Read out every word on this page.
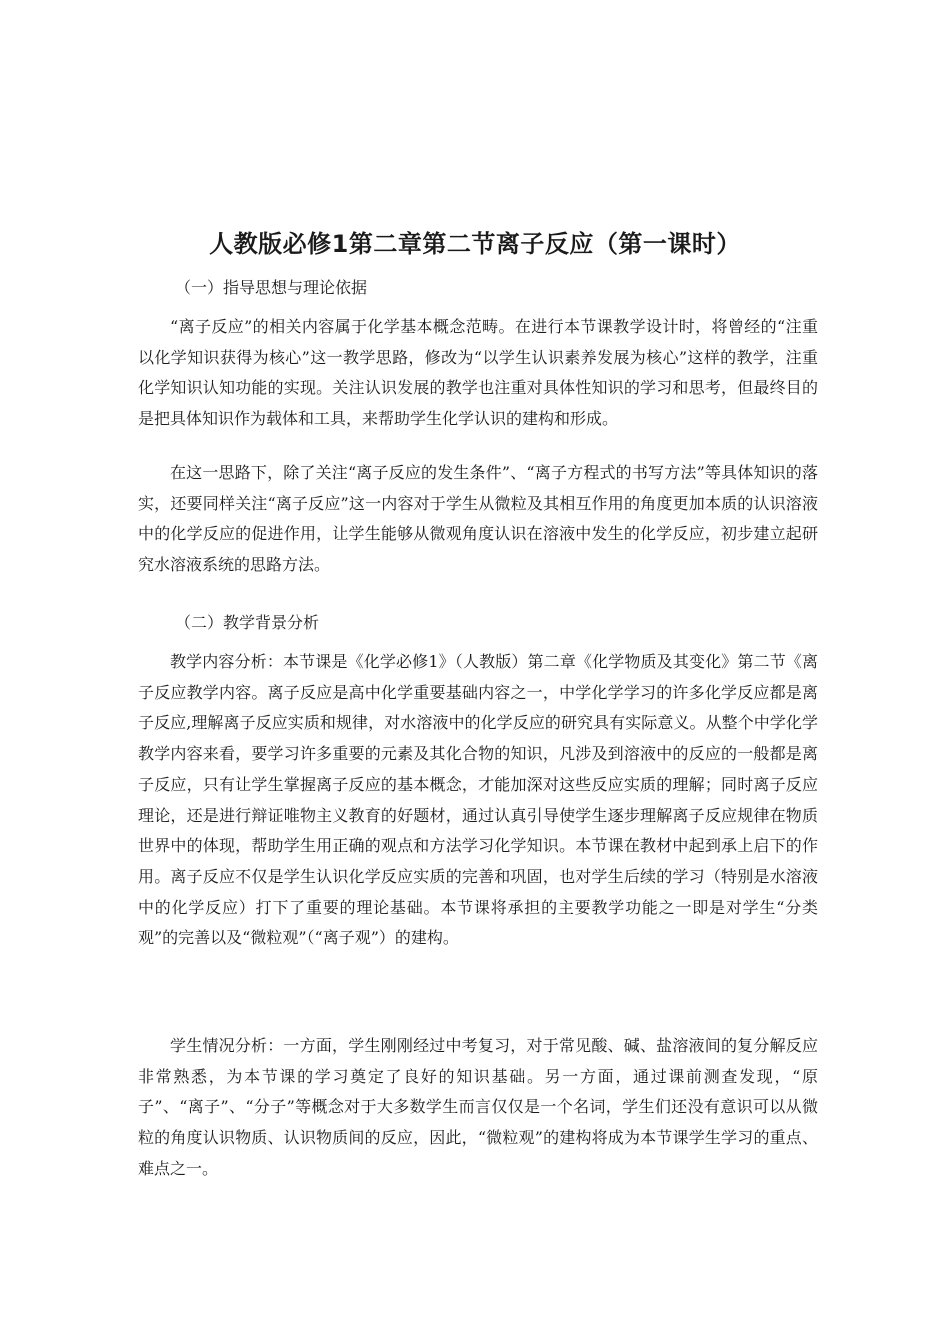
人教版必修1第二章第二节离子反应（第一课时）

（一）指导思想与理论依据

“离子反应”的相关内容属于化学基本概念范畴。在进行本节课教学设计时，将曾经的“注重以化学知识获得为核心”这一教学思路，修改为“以学生认识素养发展为核心”这样的教学，注重化学知识认知功能的实现。关注认识发展的教学也注重对具体性知识的学习和思考，但最终目的是把具体知识作为载体和工具，来帮助学生化学认识的建构和形成。

在这一思路下，除了关注“离子反应的发生条件”、“离子方程式的书写方法”等具体知识的落实，还要同样关注“离子反应”这一内容对于学生从微粒及其相互作用的角度更加本质的认识溶液中的化学反应的促进作用，让学生能够从微观角度认识在溶液中发生的化学反应，初步建立起研究水溶液系统的思路方法。

（二）教学背景分析

教学内容分析：本节课是《化学必修1》（人教版）第二章《化学物质及其变化》第二节《离子反应教学内容。离子反应是高中化学重要基础内容之一，中学化学学习的许多化学反应都是离子反应,理解离子反应实质和规律，对水溶液中的化学反应的研究具有实际意义。从整个中学化学教学内容来看，要学习许多重要的元素及其化合物的知识，凡涉及到溶液中的反应的一般都是离子反应，只有让学生掌握离子反应的基本概念，才能加深对这些反应实质的理解；同时离子反应理论，还是进行辩证唯物主义教育的好题材，通过认真引导使学生逐步理解离子反应规律在物质世界中的体现，帮助学生用正确的观点和方法学习化学知识。本节课在教材中起到承上启下的作用。离子反应不仅是学生认识化学反应实质的完善和巩固，也对学生后续的学习（特别是水溶液中的化学反应）打下了重要的理论基础。本节课将承担的主要教学功能之一即是对学生“分类观”的完善以及“微粒观”（“离子观”）的建构。

学生情况分析：一方面，学生刚刚经过中考复习，对于常见酸、碱、盐溶液间的复分解反应非常熟悉，为本节课的学习奠定了良好的知识基础。另一方面，通过课前测查发现，“原子”、“离子”、“分子”等概念对于大多数学生而言仅仅是一个名词，学生们还没有意识可以从微粒的角度认识物质、认识物质间的反应，因此，“微粒观”的建构将成为本节课学生学习的重点、难点之一。
